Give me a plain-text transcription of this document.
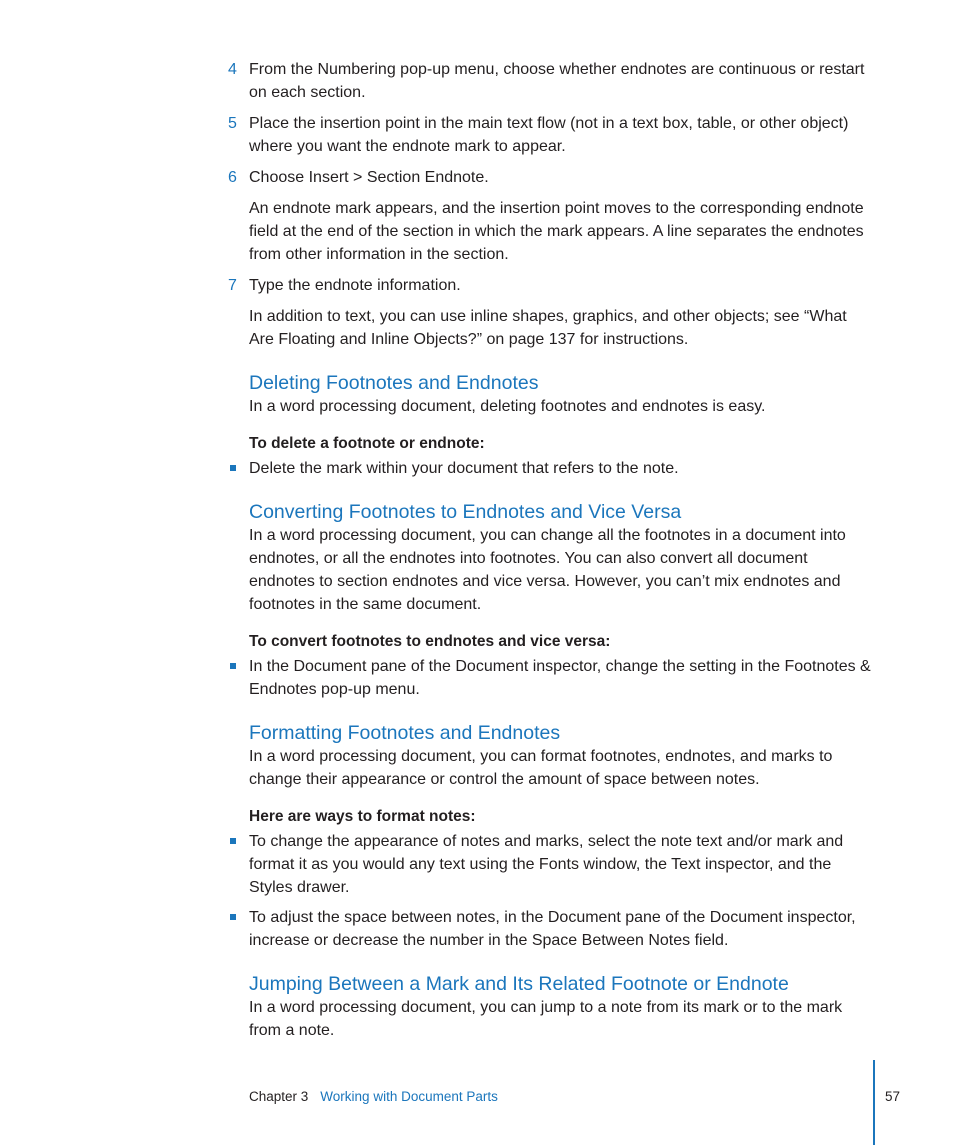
4 From the Numbering pop-up menu, choose whether endnotes are continuous or restart on each section.

5 Place the insertion point in the main text flow (not in a text box, table, or other object) where you want the endnote mark to appear.

6 Choose Insert > Section Endnote.

An endnote mark appears, and the insertion point moves to the corresponding endnote field at the end of the section in which the mark appears. A line separates the endnotes from other information in the section.

7 Type the endnote information.

In addition to text, you can use inline shapes, graphics, and other objects; see “What Are Floating and Inline Objects?” on page 137 for instructions.

Deleting Footnotes and Endnotes

In a word processing document, deleting footnotes and endnotes is easy.

To delete a footnote or endnote:

Delete the mark within your document that refers to the note.

Converting Footnotes to Endnotes and Vice Versa

In a word processing document, you can change all the footnotes in a document into endnotes, or all the endnotes into footnotes. You can also convert all document endnotes to section endnotes and vice versa. However, you can’t mix endnotes and footnotes in the same document.

To convert footnotes to endnotes and vice versa:

In the Document pane of the Document inspector, change the setting in the Footnotes & Endnotes pop-up menu.

Formatting Footnotes and Endnotes

In a word processing document, you can format footnotes, endnotes, and marks to change their appearance or control the amount of space between notes.

Here are ways to format notes:

To change the appearance of notes and marks, select the note text and/or mark and format it as you would any text using the Fonts window, the Text inspector, and the Styles drawer.

To adjust the space between notes, in the Document pane of the Document inspector, increase or decrease the number in the Space Between Notes field.

Jumping Between a Mark and Its Related Footnote or Endnote

In a word processing document, you can jump to a note from its mark or to the mark from a note.

Chapter 3 Working with Document Parts	57
